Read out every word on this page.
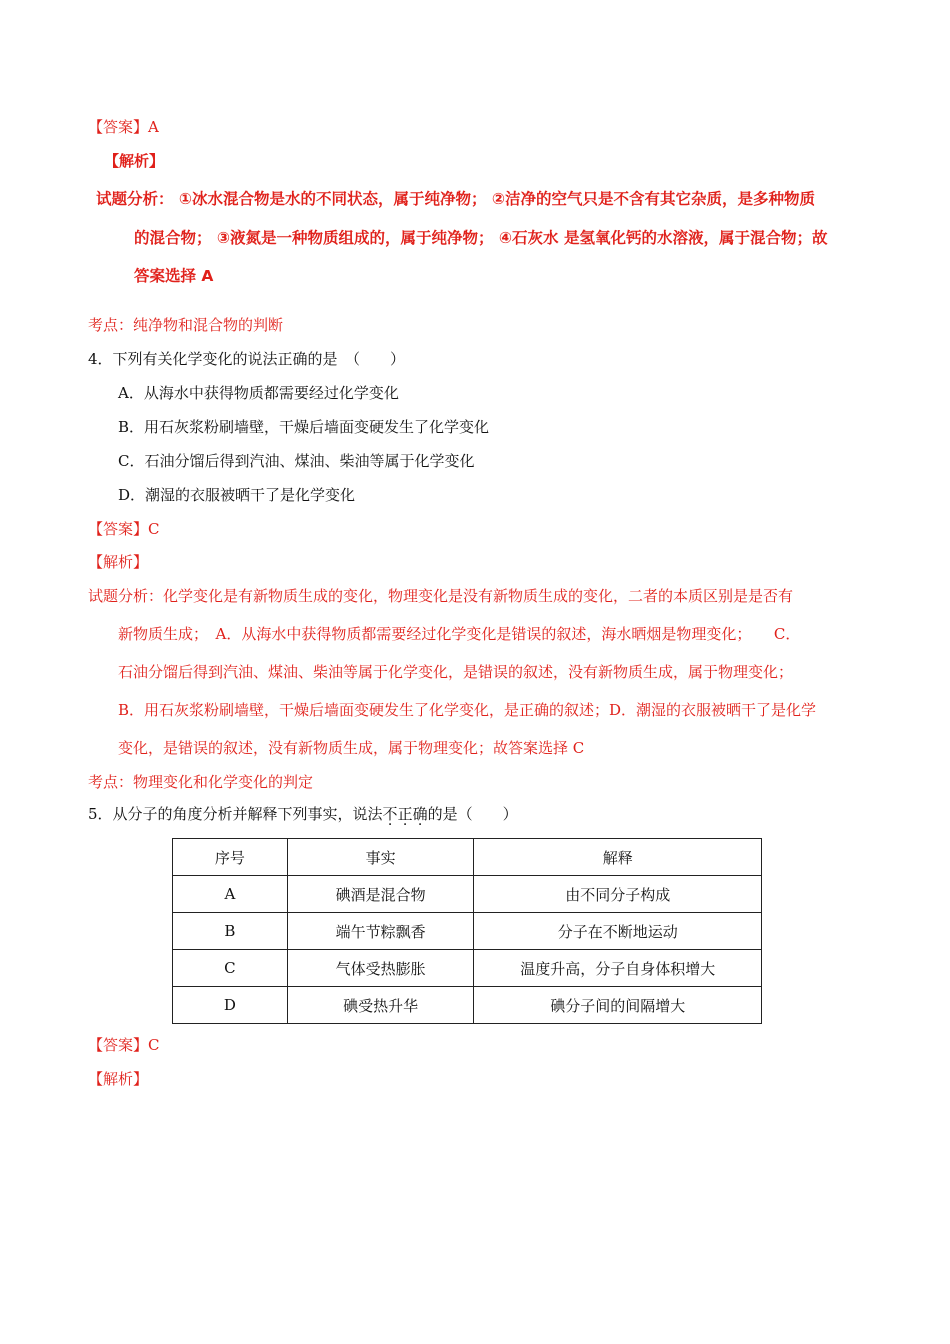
【答案】A
【解析】
试题分析： ①冰水混合物是水的不同状态，属于纯净物； ②洁净的空气只是不含有其它杂质，是多种物质
的混合物； ③液氮是一种物质组成的，属于纯净物； ④石灰水 是氢氧化钙的水溶液，属于混合物；故
答案选择 A
考点：纯净物和混合物的判断
4．下列有关化学变化的说法正确的是　（　　）
A．从海水中获得物质都需要经过化学变化
B．用石灰浆粉刷墙壁，干燥后墙面变硬发生了化学变化
C．石油分馏后得到汽油、煤油、柴油等属于化学变化
D．潮湿的衣服被晒干了是化学变化
【答案】C
【解析】
试题分析：化学变化是有新物质生成的变化，物理变化是没有新物质生成的变化，二者的本质区别是是否有
新物质生成；　A．从海水中获得物质都需要经过化学变化是错误的叙述，海水晒烟是物理变化；　　C．
石油分馏后得到汽油、煤油、柴油等属于化学变化，是错误的叙述，没有新物质生成，属于物理变化；
B．用石灰浆粉刷墙壁，干燥后墙面变硬发生了化学变化，是正确的叙述；D．潮湿的衣服被晒干了是化学
变化，是错误的叙述，没有新物质生成，属于物理变化；故答案选择 C
考点：物理变化和化学变化的判定
5．从分子的角度分析并解释下列事实，说法不正确的是（　　）
序号	事实	解释
A	碘酒是混合物	由不同分子构成
B	端午节粽飘香	分子在不断地运动
C	气体受热膨胀	温度升高，分子自身体积增大
D	碘受热升华	碘分子间的间隔增大
【答案】C
【解析】
